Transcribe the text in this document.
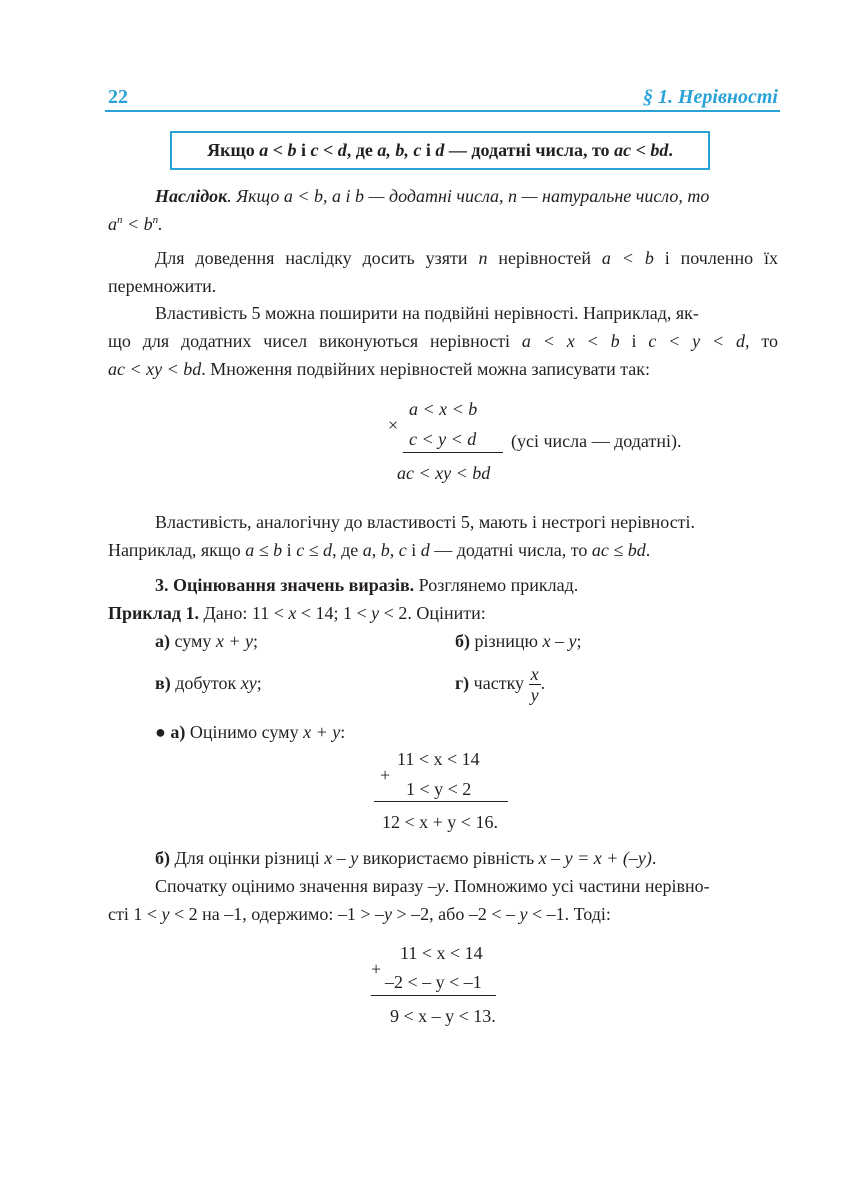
22	§ 1. Нерівності
Якщо a < b і c < d, де a, b, c і d — додатні числа, то ac < bd.
Наслідок. Якщо a < b, a і b — додатні числа, n — натуральне число, то
$a^n < b^n$.
Для доведення наслідку досить узяти n нерівностей a < b і почленно їх перемножити.
Властивість 5 можна поширити на подвійні нерівності. Наприклад, як-
що для додатних чисел виконуються нерівності a < x < b і c < y < d, то
ac < xy < bd. Множення подвійних нерівностей можна записувати так:
×
a < x < b
c < y < d (усі числа — додатні).
ac < xy < bd
Властивість, аналогічну до властивості 5, мають і нестрогі нерівності.
Наприклад, якщо a ≤ b і c ≤ d, де a, b, c і d — додатні числа, то ac ≤ bd.
3. Оцінювання значень виразів. Розглянемо приклад.
Приклад 1. Дано: 11 < x < 14; 1 < y < 2. Оцінити:
а) суму x + y;	б) різницю x – y;
в) добуток xy;	г) частку $\frac{x}{y}$ .
● а) Оцінимо суму x + y:
+
11 < x < 14
1 < y < 2
12 < x + y < 16.
б) Для оцінки різниці x – y використаємо рівність x – y = x + (–y).
Спочатку оцінимо значення виразу –y. Помножимо усі частини нерівно-
сті 1 < y < 2 на –1, одержимо: –1 > –y > –2, або –2 < – y < –1. Тоді:
+
11 < x < 14
–2 < – y < –1
9 < x – y < 13.
